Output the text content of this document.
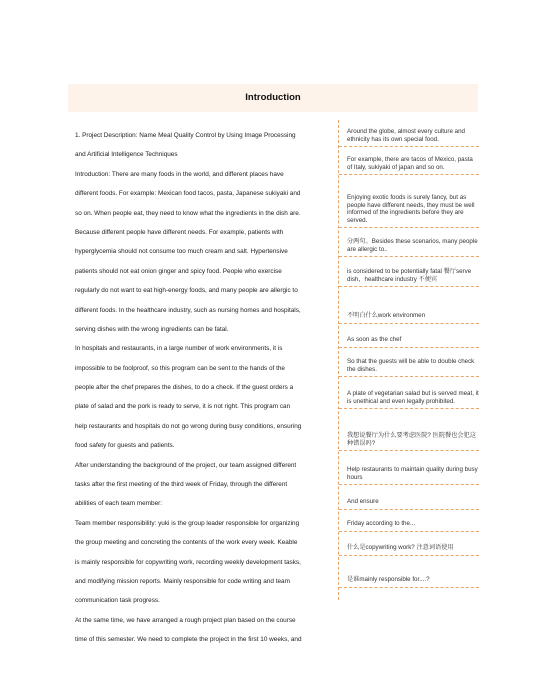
Introduction
1. Project Description: Name Meal Quality Control by Using Image Processing
and Artificial Intelligence Techniques
Introduction: There are many foods in the world, and different places have
different foods. For example: Mexican food tacos, pasta, Japanese sukiyaki and
so on. When people eat, they need to know what the ingredients in the dish are.
Because different people have different needs. For example, patients with
hyperglycemia should not consume too much cream and salt. Hypertensive
patients should not eat onion ginger and spicy food. People who exercise
regularly do not want to eat high-energy foods, and many people are allergic to
different foods. In the healthcare industry, such as nursing homes and hospitals,
serving dishes with the wrong ingredients can be fatal.
In hospitals and restaurants, in a large number of work environments, it is
impossible to be foolproof, so this program can be sent to the hands of the
people after the chef prepares the dishes, to do a check. If the guest orders a
plate of salad and the pork is ready to serve, it is not right. This program can
help restaurants and hospitals do not go wrong during busy conditions, ensuring
food safety for guests and patients.
After understanding the background of the project, our team assigned different
tasks after the first meeting of the third week of Friday, through the different
abilities of each team member:
Team member responsibility: yuki is the group leader responsible for organizing
the group meeting and concreting the contents of the work every week. Keable
is mainly responsible for copywriting work, recording weekly development tasks,
and modifying mission reports. Mainly responsible for code writing and team
communication task progress.
At the same time, we have arranged a rough project plan based on the course
time of this semester. We need to complete the project in the first 10 weeks, and
Around the globe, almost every culture and ethnicity has its own special food.
For example, there are tacos of Mexico, pasta of Italy, sukiyaki of japan and so on.
Enjoying exotic foods is surely fancy, but as people have different needs, they must be well informed of the ingredients before they are served.
分两句。Besides these scenarios, many people are allergic to..
is considered to be potentially fatal 餐厅serve dish，healthcare industry 不便宾
不明白什么work environmen
As soon as the chef
So that the guests will be able to double check the dishes.
A plate of vegetarian salad but is served meat, it is unethical and even legally prohibited.
我想说餐厅为什么要考虑医院? 医院餐也会犯这种错误吗?
Help restaurants to maintain quality during busy hours
And ensure
Friday according to the...
什么是copywriting work? 注意词语使用
是谁mainly responsible for....?
